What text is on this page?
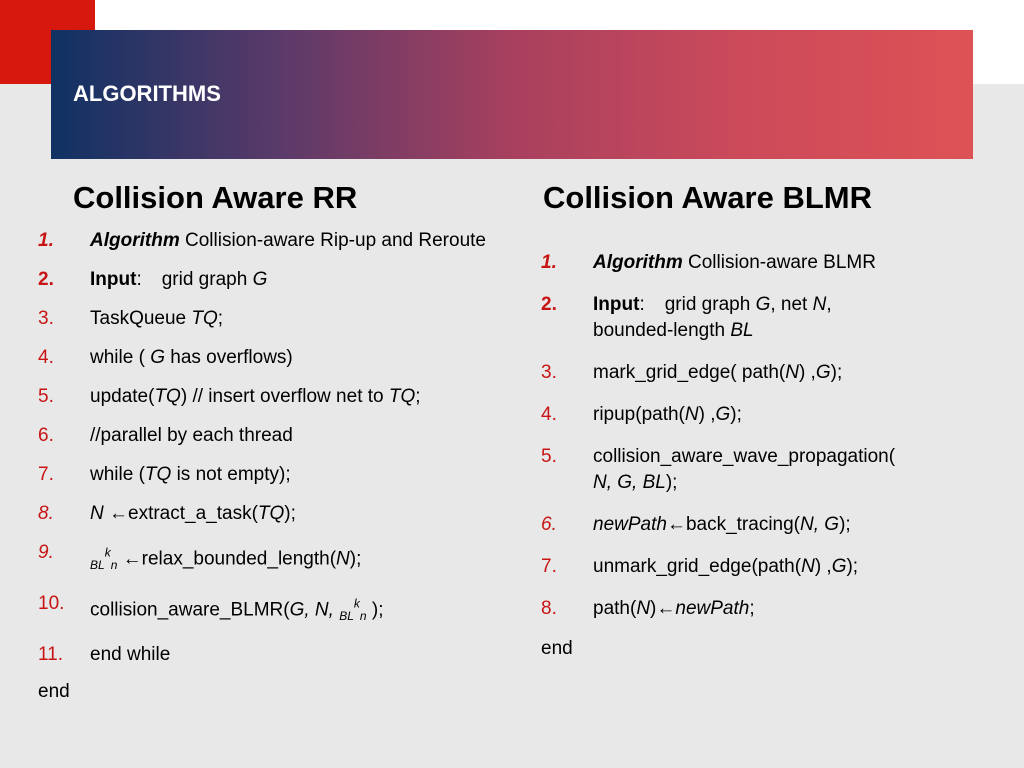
ALGORITHMS
Collision Aware RR	Collision Aware BLMR
1.	Algorithm Collision-aware Rip-up and Reroute
2.	Input: grid graph G
3.	TaskQueue TQ;
4.	while ( G has overflows)
5.	update(TQ) // insert overflow net to TQ;
6.	//parallel by each thread
7.	while (TQ is not empty);
8.	N ←extract_a_task(TQ);
9.
$_{BL}^k_n$ ←relax_bounded_length(N);
10.	collision_aware_BLMR(G, N, $_{BL}^k_n$ );
11.	end while
end
1.	Algorithm Collision-aware BLMR
2.	Input: grid graph G, net N,
bounded-length BL
3.	mark_grid_edge( path(N) ,G);
4.	ripup(path(N) ,G);
5.	collision_aware_wave_propagation(
N, G, BL);
6.	newPath←back_tracing(N, G);
7.	unmark_grid_edge(path(N) ,G);
8.	path(N)←newPath;
end
